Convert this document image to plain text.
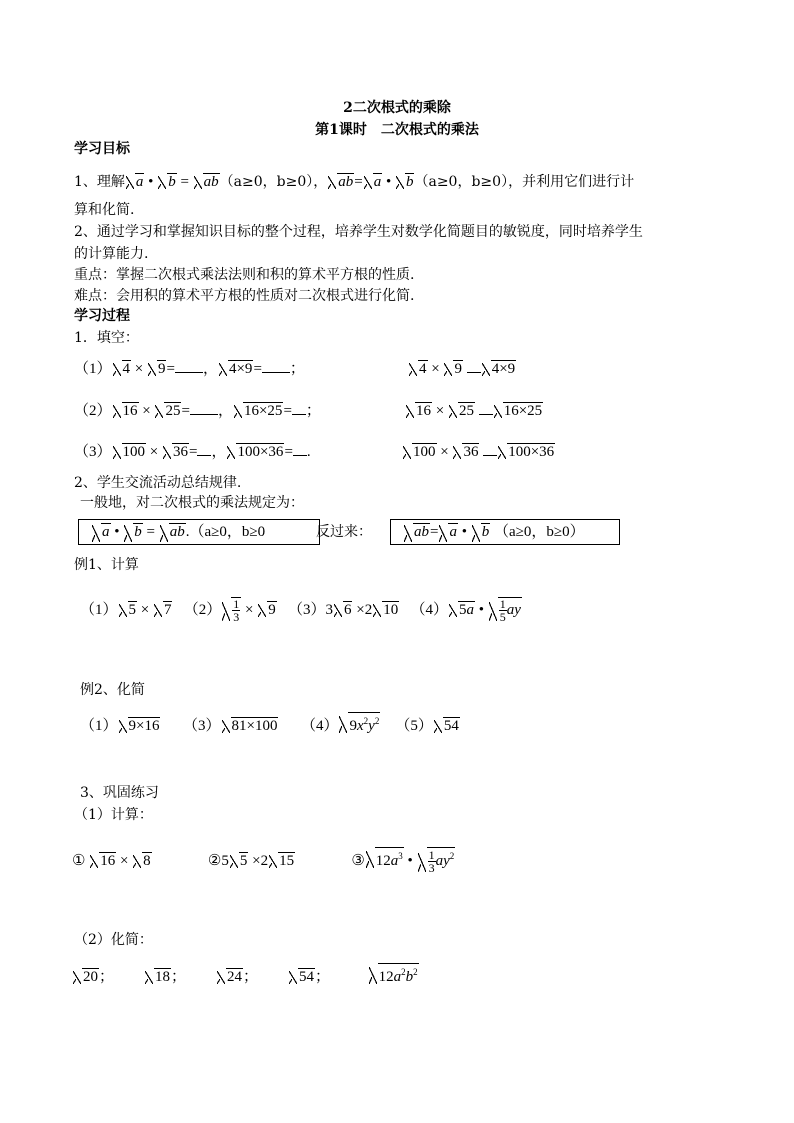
2二次根式的乘除
第1课时　二次根式的乘法
学习目标
1、理解 a • b = ab（a≥0，b≥0）， ab= a • b（a≥0，b≥0），并利用它们进行计
算和化简.
2、通过学习和掌握知识目标的整个过程，培养学生对数学化简题目的敏锐度，同时培养学生
的计算能力.
重点：掌握二次根式乘法法则和积的算术平方根的性质.
难点：会用积的算术平方根的性质对二次根式进行化简.
学习过程
1．填空：
（1） 4 × 9= ， 4×9= ；	4 × 9 4×9
（2） 16 × 25= ， 16×25= ；	16 × 25 16×25
（3） 100 × 36= ， 100×36= .	100 × 36 100×36
2、学生交流活动总结规律.
一般地，对二次根式的乘法规定为：
a • b = ab.（a≥0，b≥0	反过来：	ab= a • b （a≥0，b≥0）
例1、计算
（1） 5 × 7   $(2) \frac{1}{3} \times 9$   （3）3 6 ×2 10   （4） 5a • $\frac{1}{5}$ ay
例2、化简
（1） 9×16 （3） 81×100 （4） $9x^2y^2$ （5） 54
3、巩固练习
（1）计算：
① 16 × 8               ②5 5 ×2 15               ③ $12a^3$ • $\frac{1}{3} ay^2$
（2）化简：
20；	18；	24；	54；	$12a^2b^2$
